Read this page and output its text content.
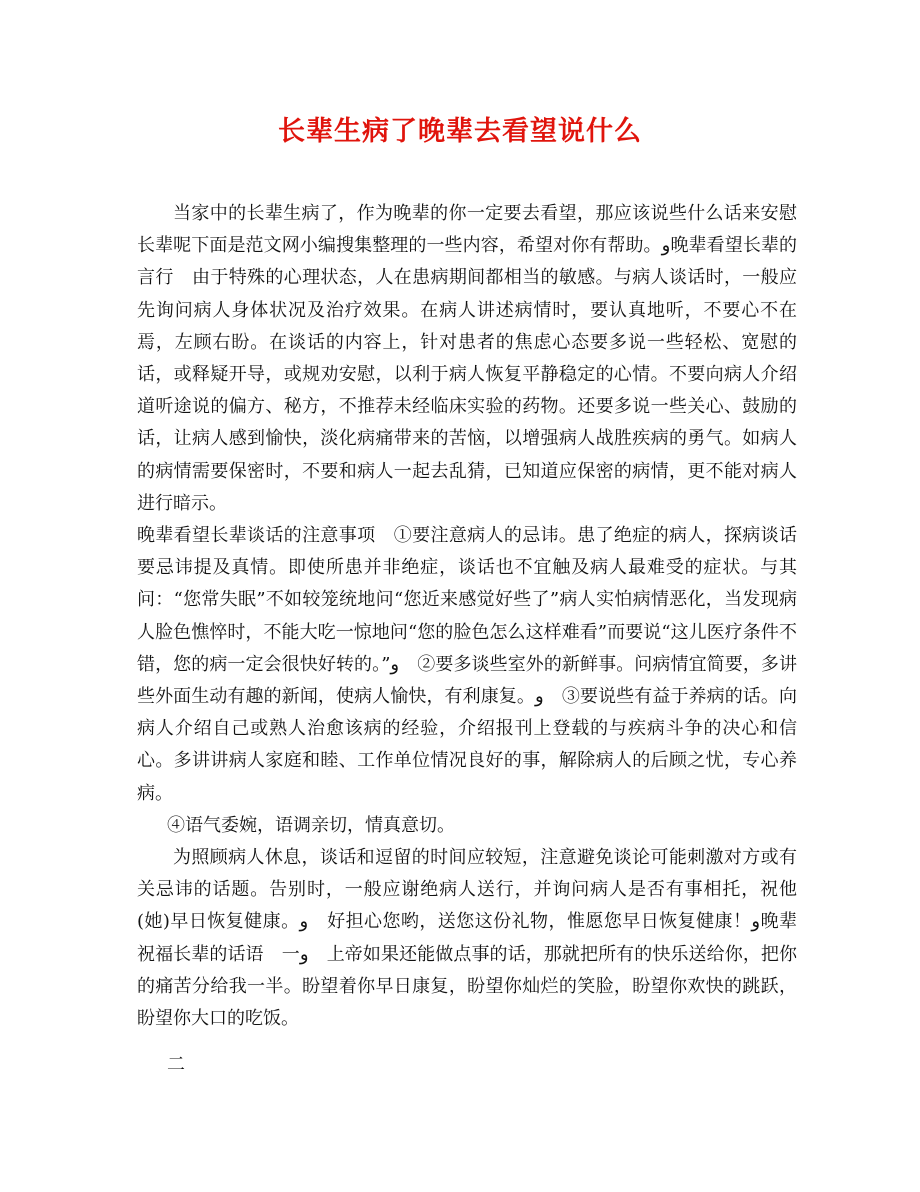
长辈生病了晚辈去看望说什么

当家中的长辈生病了，作为晚辈的你一定要去看望，那应该说些什么话来安慰长辈呢下面是范文网小编搜集整理的一些内容，希望对你有帮助。و晚辈看望长辈的言行　由于特殊的心理状态，人在患病期间都相当的敏感。与病人谈话时，一般应先询问病人身体状况及治疗效果。在病人讲述病情时，要认真地听，不要心不在焉，左顾右盼。在谈话的内容上，针对患者的焦虑心态要多说一些轻松、宽慰的话，或释疑开导，或规劝安慰，以利于病人恢复平静稳定的心情。不要向病人介绍道听途说的偏方、秘方，不推荐未经临床实验的药物。还要多说一些关心、鼓励的话，让病人感到愉快，淡化病痛带来的苦恼，以增强病人战胜疾病的勇气。如病人的病情需要保密时，不要和病人一起去乱猜，已知道应保密的病情，更不能对病人进行暗示。

晚辈看望长辈谈话的注意事项　①要注意病人的忌讳。患了绝症的病人，探病谈话要忌讳提及真情。即使所患并非绝症，谈话也不宜触及病人最难受的症状。与其问：“您常失眠”不如较笼统地问“您近来感觉好些了”病人实怕病情恶化，当发现病人脸色憔悴时，不能大吃一惊地问“您的脸色怎么这样难看”而要说“这儿医疗条件不错，您的病一定会很快好转的。”و　②要多谈些室外的新鲜事。问病情宜简要，多讲些外面生动有趣的新闻，使病人愉快，有利康复。و　③要说些有益于养病的话。向病人介绍自己或熟人治愈该病的经验，介绍报刊上登载的与疾病斗争的决心和信心。多讲讲病人家庭和睦、工作单位情况良好的事，解除病人的后顾之忧，专心养病。

④语气委婉，语调亲切，情真意切。

为照顾病人休息，谈话和逗留的时间应较短，注意避免谈论可能刺激对方或有关忌讳的话题。告别时，一般应谢绝病人送行，并询问病人是否有事相托，祝他(她)早日恢复健康。و　好担心您哟，送您这份礼物，惟愿您早日恢复健康！و晚辈祝福长辈的话语　一و　上帝如果还能做点事的话，那就把所有的快乐送给你，把你的痛苦分给我一半。盼望着你早日康复，盼望你灿烂的笑脸，盼望你欢快的跳跃，盼望你大口的吃饭。

二
